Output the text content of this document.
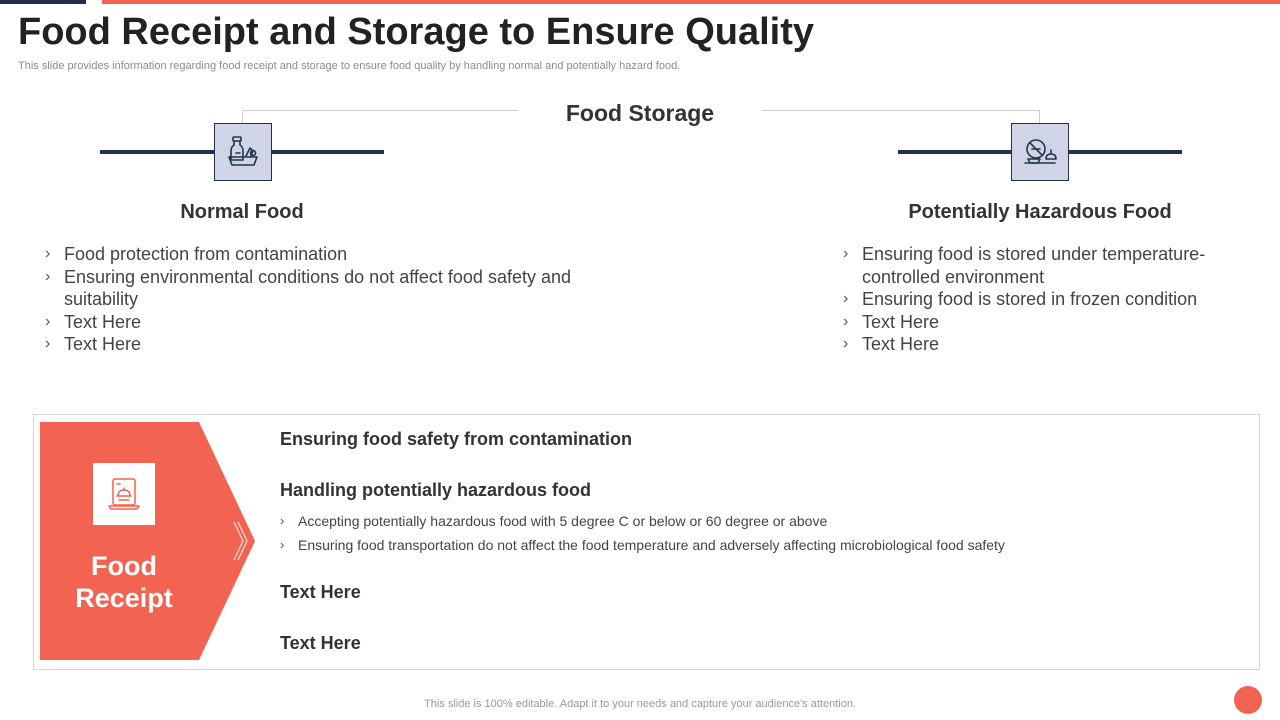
Food Receipt and Storage to Ensure Quality

This slide provides information regarding food receipt and storage to ensure food quality by handling normal and potentially hazard food.

Food Storage
Normal Food
› Food protection from contamination
› Ensuring environmental conditions do not affect food safety and suitability
› Text Here
› Text Here
Potentially Hazardous Food
› Ensuring food is stored under temperature-controlled environment
› Ensuring food is stored in frozen condition
› Text Here
› Text Here
Food
Receipt
Ensuring food safety from contamination
Handling potentially hazardous food
› Accepting potentially hazardous food with 5 degree C or below or 60 degree or above
› Ensuring food transportation do not affect the food temperature and adversely affecting microbiological food safety
Text Here
Text Here
This slide is 100% editable. Adapt it to your needs and capture your audience's attention.
